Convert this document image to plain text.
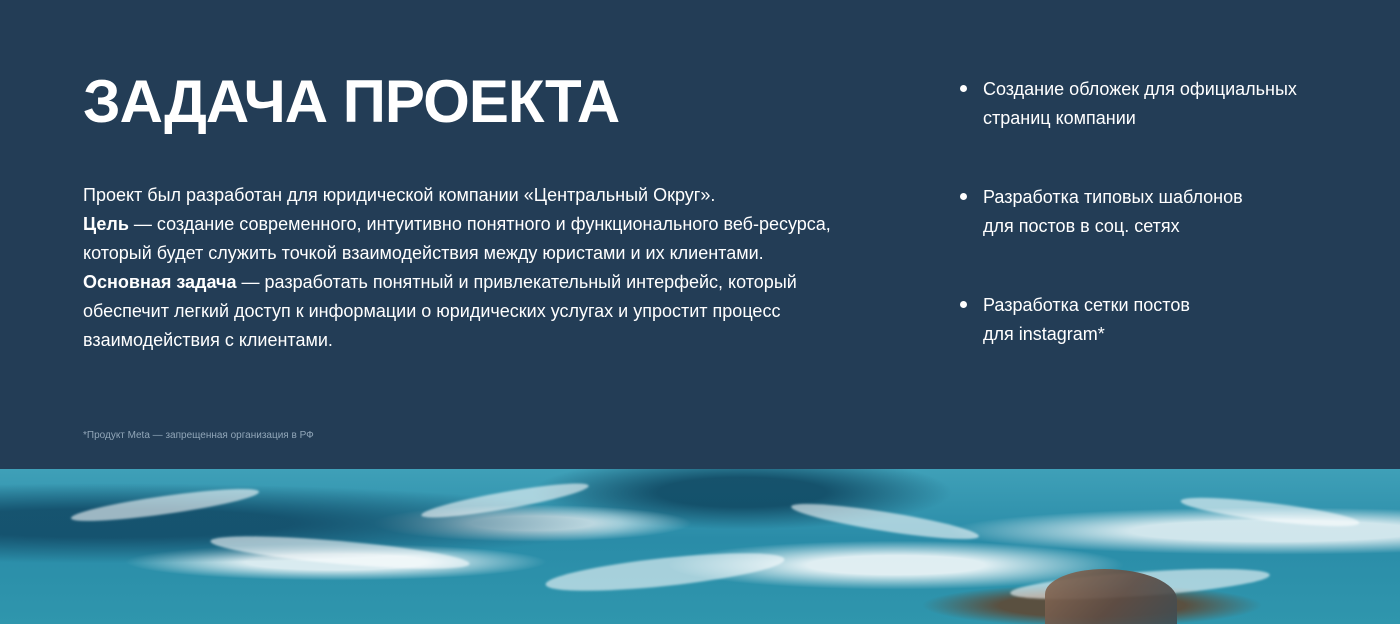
ЗАДАЧА ПРОЕКТА

Проект был разработан для юридической компании «Центральный Округ».

Цель — создание современного, интуитивно понятного и функционального веб-ресурса,

который будет служить точкой взаимодействия между юристами и их клиентами.

Основная задача — разработать понятный и привлекательный интерфейс, который

обеспечит легкий доступ к информации о юридических услугах и упростит процесс

взаимодействия с клиентами.

Создание обложек для официальных
страниц компании
Разработка типовых шаблонов
для постов в соц. сетях
Разработка сетки постов
для instagram*
*Продукт Meta — запрещенная организация в РФ
